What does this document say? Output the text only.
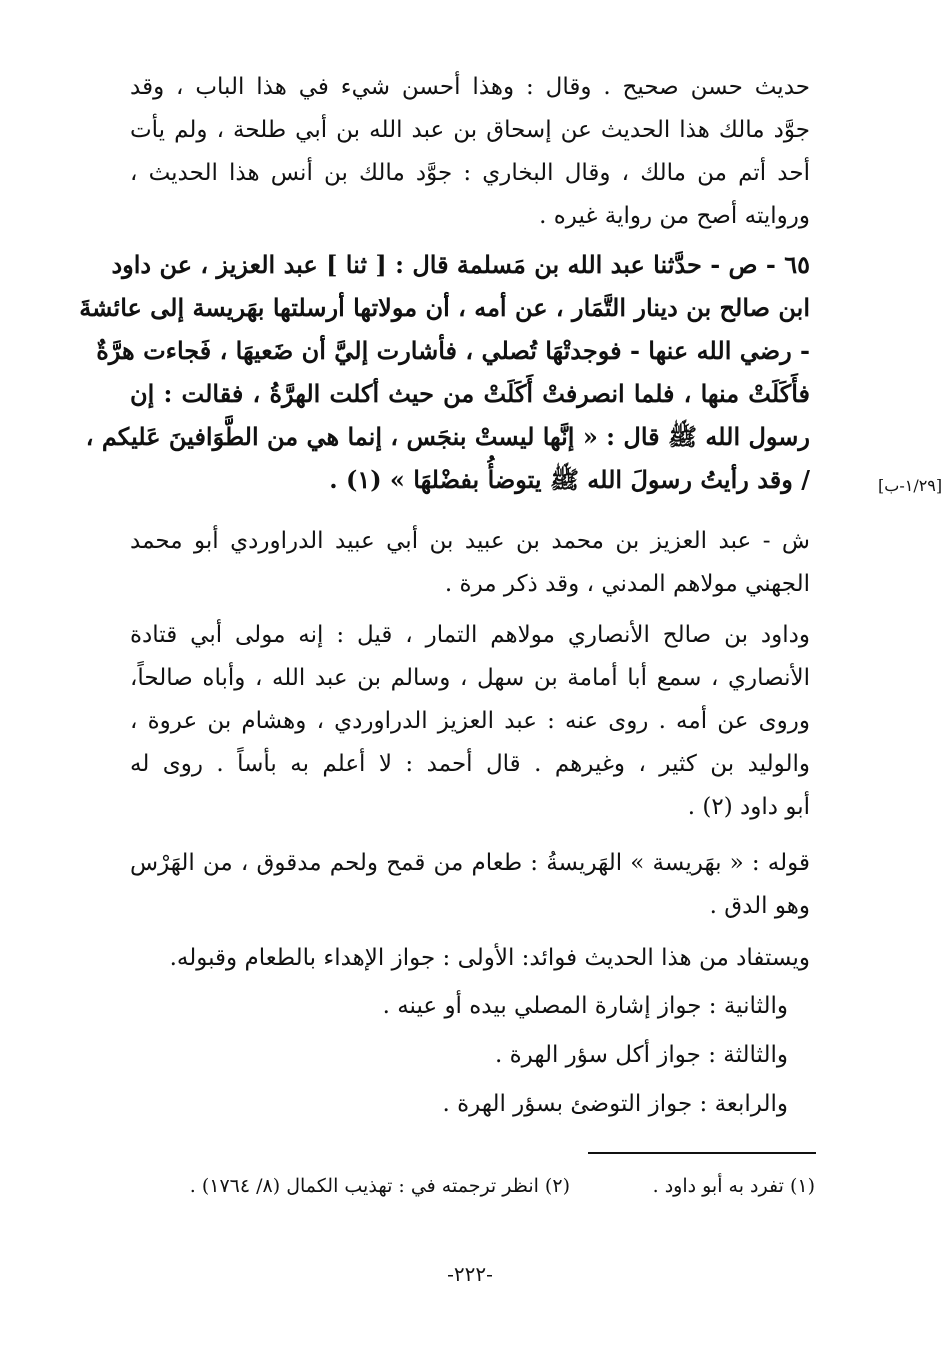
حديث حسن صحيح . وقال : وهذا أحسن شيء في هذا الباب ، وقد
جوَّد مالك هذا الحديث عن إسحاق بن عبد الله بن أبي طلحة ، ولم يأت
أحد أتم من مالك ، وقال البخاري : جوَّد مالك بن أنس هذا الحديث ،
وروايته أصح من رواية غيره .
٦٥ - ص - حدَّثنا عبد الله بن مَسلمة قال : [ ثنا ] عبد العزيز ، عن داود
ابن صالح بن دينار التَّمَار ، عن أمه ، أن مولاتها أرسلتها بهَريسة إلى عائشةَ
- رضي الله عنها - فوجدتْهَا تُصلي ، فأشارت إليَّ أن ضَعيهَا ، فَجاءت هرَّةٌ
فأَكَلَتْ منها ، فلما انصرفتْ أَكَلَتْ من حيث أكلت الهرَّةُ ، فقالت : إن
رسول الله ﷺ قال : « إنَّها ليستْ بنجَس ، إنما هي من الطَّوَافينَ عَليكم ،
/ وقد رأيتُ رسولَ الله ﷺ يتوضأُ بفضْلهَا » (١) .	[١/٢٩-ب]
ش - عبد العزيز بن محمد بن عبيد بن أبي عبيد الدراوردي أبو محمد
الجهني مولاهم المدني ، وقد ذكر مرة .
وداود بن صالح الأنصاري مولاهم التمار ، قيل : إنه مولى أبي قتادة
الأنصاري ، سمع أبا أمامة بن سهل ، وسالم بن عبد الله ، وأباه صالحاً،
وروى عن أمه . روى عنه : عبد العزيز الدراوردي ، وهشام بن عروة ،
والوليد بن كثير ، وغيرهم . قال أحمد : لا أعلم به بأساً . روى له
أبو داود (٢) .
قوله : « بهَريسة » الهَريسةُ : طعام من قمح ولحم مدقوق ، من الهَرْس
وهو الدق .
ويستفاد من هذا الحديث فوائد: الأولى : جواز الإهداء بالطعام وقبوله.
والثانية : جواز إشارة المصلي بيده أو عينه .
والثالثة : جواز أكل سؤر الهرة .
والرابعة : جواز التوضئ بسؤر الهرة .
(١) تفرد به أبو داود .
(٢) انظر ترجمته في : تهذيب الكمال (٨/ ١٧٦٤) .
-٢٢٢-
